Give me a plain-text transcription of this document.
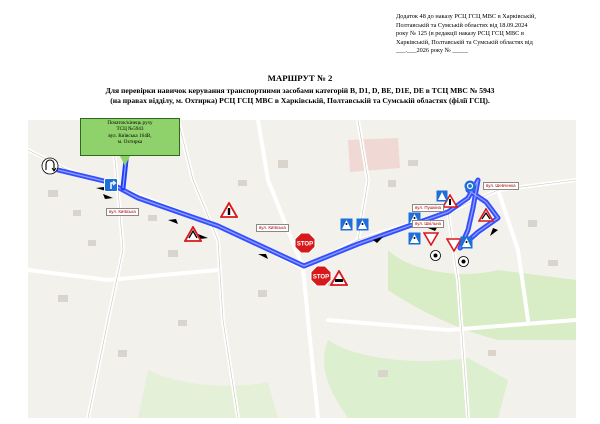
Додаток 48 до наказу РСЦ ГСЦ МВС в Харківській,
Полтавській та Сумській областях від 18.09.2024
року № 125 (в редакції наказу РСЦ ГСЦ МВС в
Харківській, Полтавській та Сумській областях від
___.___2026 року № _____
МАРШРУТ № 2
Для перевірки навичок керування транспортними засобами категорій B, D1, D, BE, D1E, DE в ТСЦ МВС № 5943
(на правах відділу, м. Охтирка) РСЦ ГСЦ МВС в Харківській, Полтавській та Сумській областях (філії ГСЦ).
STOP
STOP
вул. Київська
вул. Київська
вул. Пушкіна
вул. Шкільна
вул. Шевченка
Початок/кінець руху
ТСЦ №5943
вул. Київська 164В,
м. Охтирка
